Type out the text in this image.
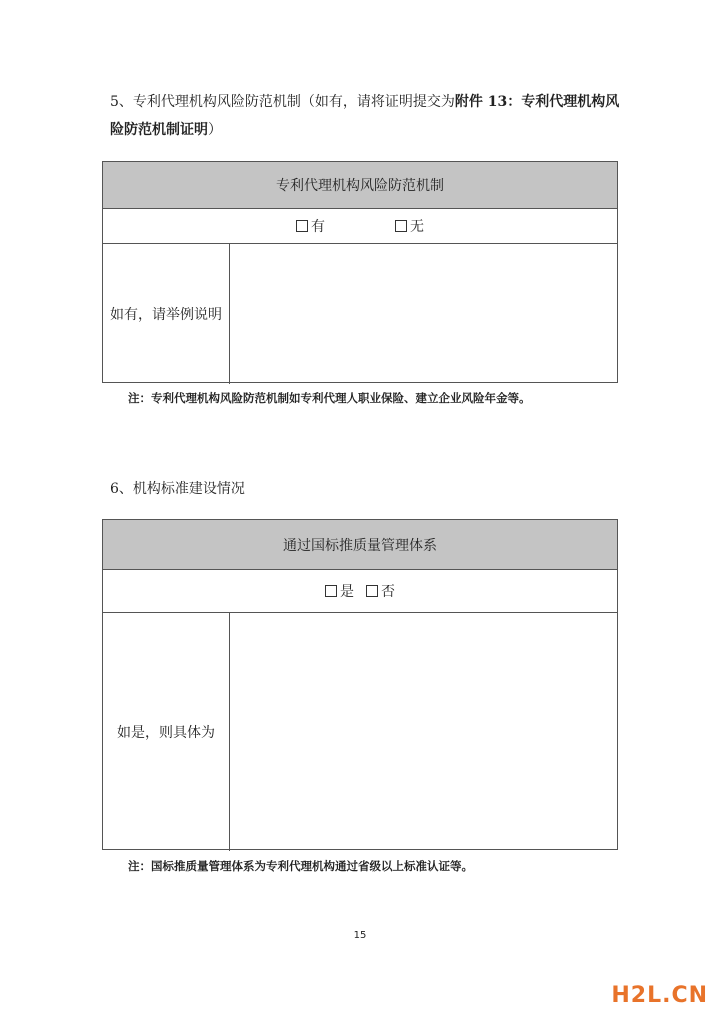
5、专利代理机构风险防范机制（如有，请将证明提交为附件 13：专利代理机构风险防范机制证明）
专利代理机构风险防范机制
有	无
如有，请举例说明
注：专利代理机构风险防范机制如专利代理人职业保险、建立企业风险年金等。
6、机构标准建设情况
通过国标推质量管理体系
是 否
如是，则具体为
注：国标推质量管理体系为专利代理机构通过省级以上标准认证等。
15
H2L.CN
